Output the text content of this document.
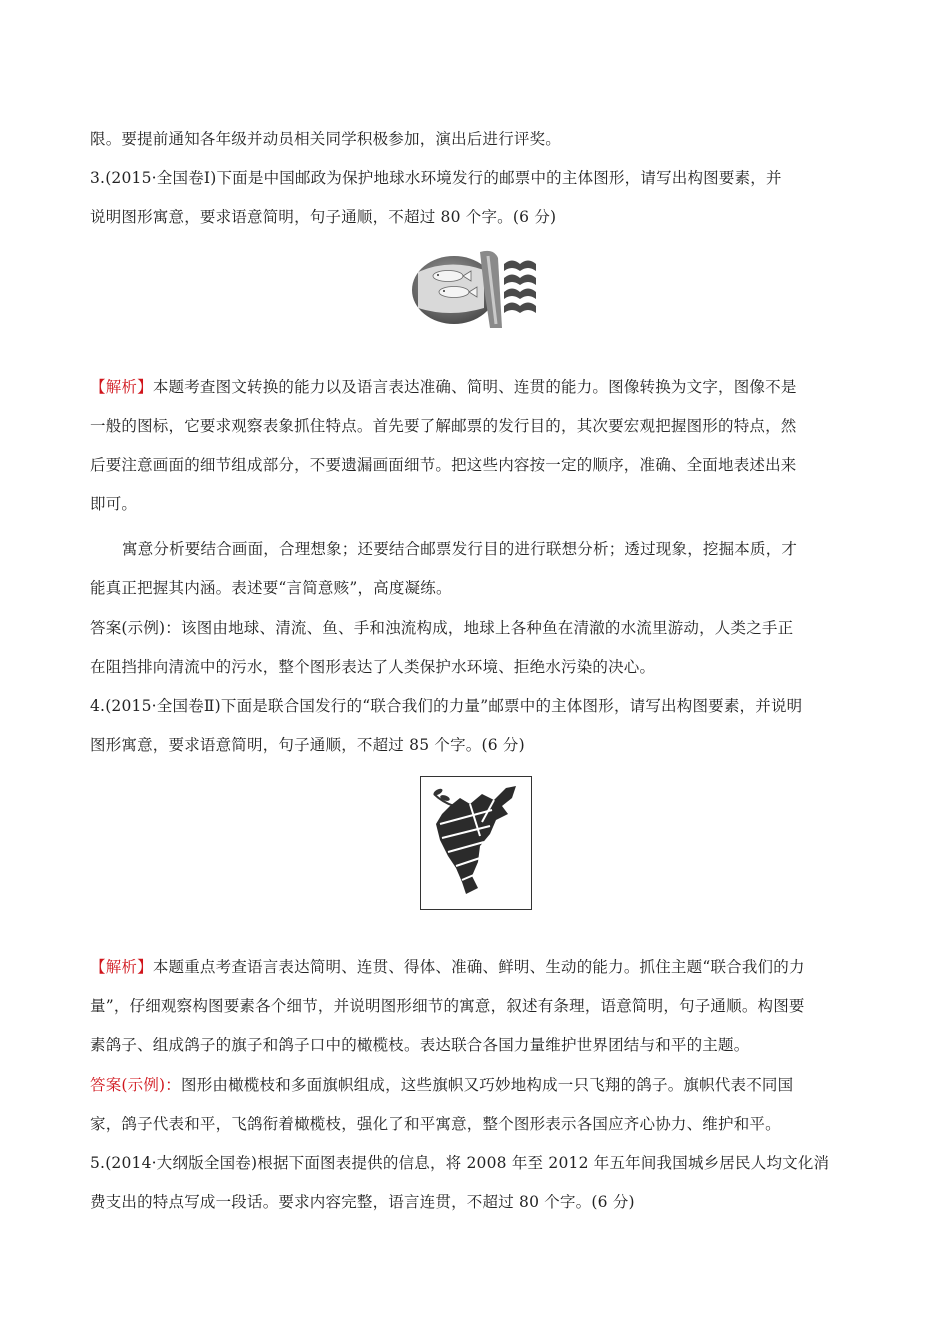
限。要提前通知各年级并动员相关同学积极参加，演出后进行评奖。
3.(2015·全国卷Ⅰ)下面是中国邮政为保护地球水环境发行的邮票中的主体图形，请写出构图要素，并
说明图形寓意，要求语意简明，句子通顺，不超过 80 个字。(6 分)
【解析】本题考查图文转换的能力以及语言表达准确、简明、连贯的能力。图像转换为文字，图像不是
一般的图标，它要求观察表象抓住特点。首先要了解邮票的发行目的，其次要宏观把握图形的特点，然
后要注意画面的细节组成部分，不要遗漏画面细节。把这些内容按一定的顺序，准确、全面地表述出来
即可。
寓意分析要结合画面，合理想象；还要结合邮票发行目的进行联想分析；透过现象，挖掘本质，才
能真正把握其内涵。表述要“言简意赅”，高度凝练。
答案(示例)：该图由地球、清流、鱼、手和浊流构成，地球上各种鱼在清澈的水流里游动，人类之手正
在阻挡排向清流中的污水，整个图形表达了人类保护水环境、拒绝水污染的决心。
4.(2015·全国卷Ⅱ)下面是联合国发行的“联合我们的力量”邮票中的主体图形，请写出构图要素，并说明
图形寓意，要求语意简明，句子通顺，不超过 85 个字。(6 分)
【解析】本题重点考查语言表达简明、连贯、得体、准确、鲜明、生动的能力。抓住主题“联合我们的力
量”，仔细观察构图要素各个细节，并说明图形细节的寓意，叙述有条理，语意简明，句子通顺。构图要
素鸽子、组成鸽子的旗子和鸽子口中的橄榄枝。表达联合各国力量维护世界团结与和平的主题。
答案(示例)：图形由橄榄枝和多面旗帜组成，这些旗帜又巧妙地构成一只飞翔的鸽子。旗帜代表不同国
家，鸽子代表和平，飞鸽衔着橄榄枝，强化了和平寓意，整个图形表示各国应齐心协力、维护和平。
5.(2014·大纲版全国卷)根据下面图表提供的信息，将 2008 年至 2012 年五年间我国城乡居民人均文化消
费支出的特点写成一段话。要求内容完整，语言连贯，不超过 80 个字。(6 分)
